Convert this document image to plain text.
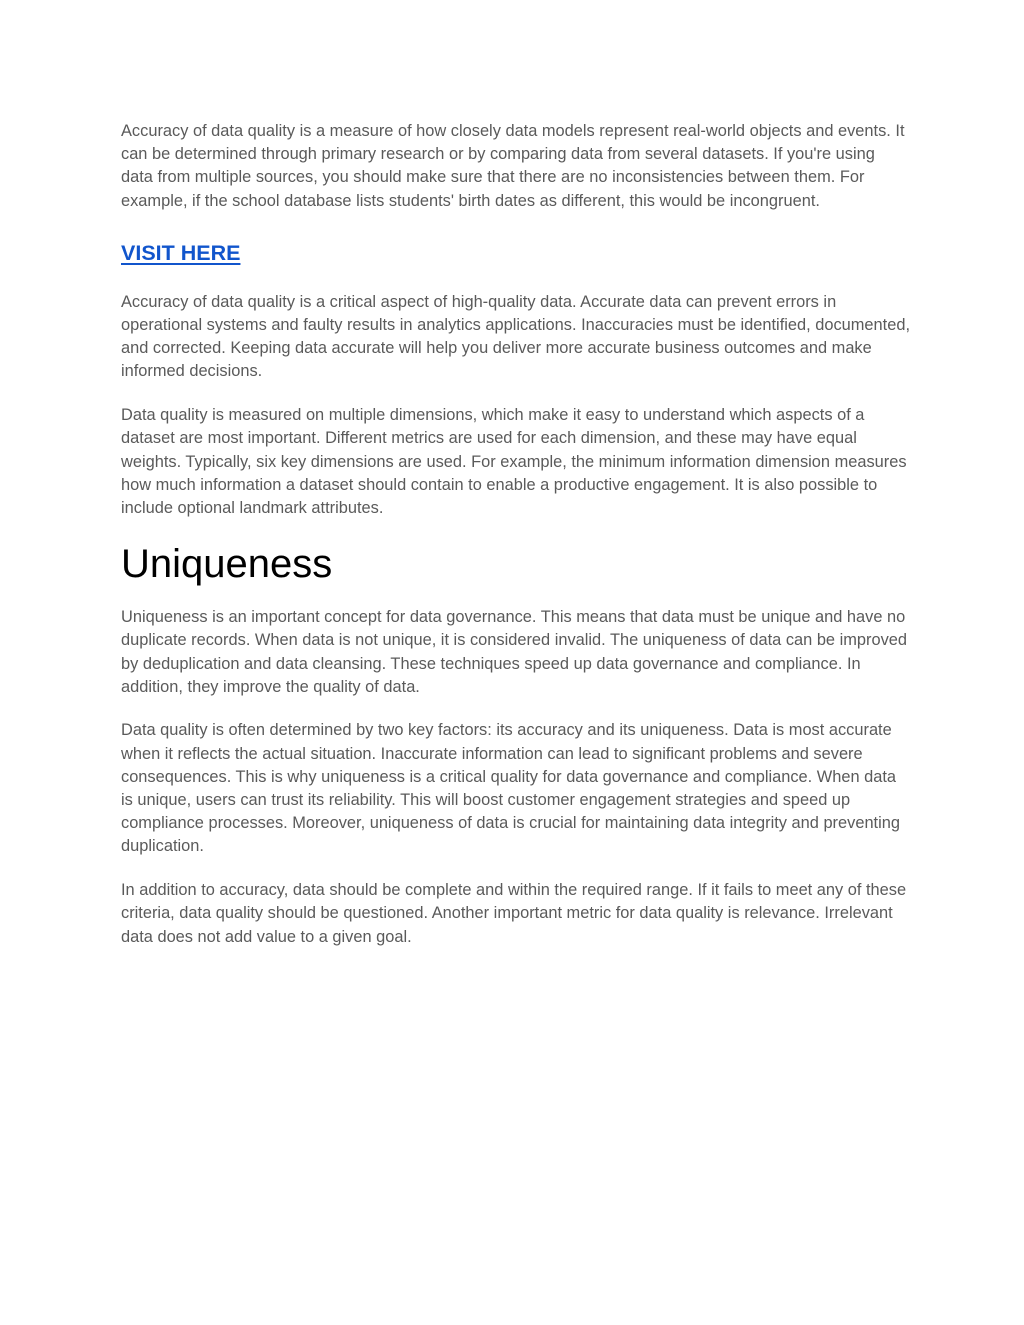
Accuracy of data quality is a measure of how closely data models represent real-world objects and events. It can be determined through primary research or by comparing data from several datasets. If you're using data from multiple sources, you should make sure that there are no inconsistencies between them. For example, if the school database lists students' birth dates as different, this would be incongruent.

VISIT HERE

Accuracy of data quality is a critical aspect of high-quality data. Accurate data can prevent errors in operational systems and faulty results in analytics applications. Inaccuracies must be identified, documented, and corrected. Keeping data accurate will help you deliver more accurate business outcomes and make informed decisions.

Data quality is measured on multiple dimensions, which make it easy to understand which aspects of a dataset are most important. Different metrics are used for each dimension, and these may have equal weights. Typically, six key dimensions are used. For example, the minimum information dimension measures how much information a dataset should contain to enable a productive engagement. It is also possible to include optional landmark attributes.

Uniqueness

Uniqueness is an important concept for data governance. This means that data must be unique and have no duplicate records. When data is not unique, it is considered invalid. The uniqueness of data can be improved by deduplication and data cleansing. These techniques speed up data governance and compliance. In addition, they improve the quality of data.

Data quality is often determined by two key factors: its accuracy and its uniqueness. Data is most accurate when it reflects the actual situation. Inaccurate information can lead to significant problems and severe consequences. This is why uniqueness is a critical quality for data governance and compliance. When data is unique, users can trust its reliability. This will boost customer engagement strategies and speed up compliance processes. Moreover, uniqueness of data is crucial for maintaining data integrity and preventing duplication.

In addition to accuracy, data should be complete and within the required range. If it fails to meet any of these criteria, data quality should be questioned. Another important metric for data quality is relevance. Irrelevant data does not add value to a given goal.
